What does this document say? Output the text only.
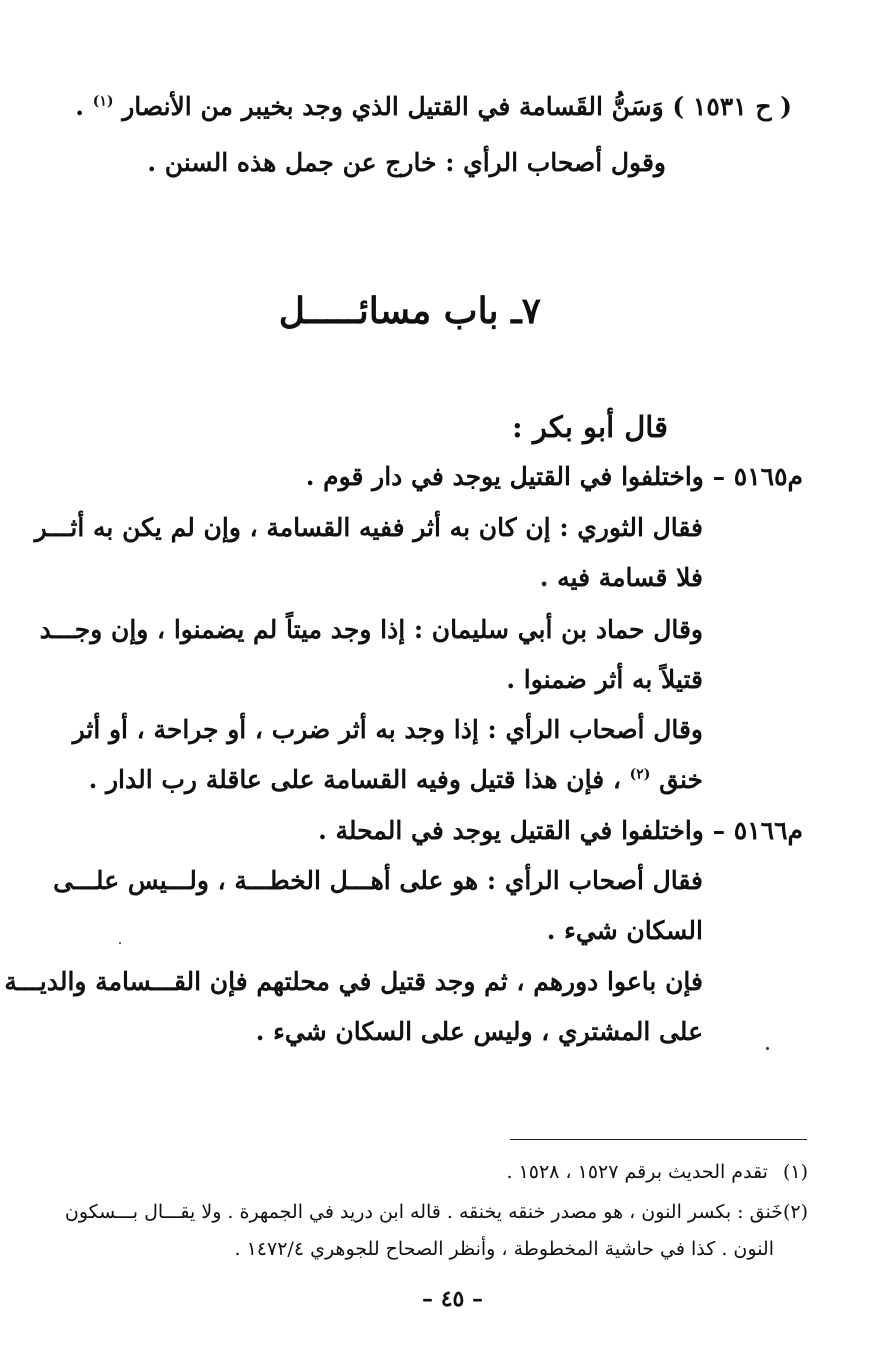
( ح ١٥٣١ ) وَسَنُّ القَسامة في القتيل الذي وجد بخيبر من الأنصار $^{(١)}$ .
وقول أصحاب الرأي : خارج عن جمل هذه السنن .
٧ـ باب مسائـــــل
قال أبو بكر :
م٥١٦٥ – واختلفوا في القتيل يوجد في دار قوم .
فقال الثوري : إن كان به أثر ففيه القسامة ، وإن لم يكن به أثـــر
فلا قسامة فيه .
وقال حماد بن أبي سليمان : إذا وجد ميتاً لم يضمنوا ، وإن وجـــد
قتيلاً به أثر ضمنوا .
وقال أصحاب الرأي : إذا وجد به أثر ضرب ، أو جراحة ، أو أثر
خنق $^{(٢)}$ ، فإن هذا قتيل وفيه القسامة على عاقلة رب الدار .
م٥١٦٦ – واختلفوا في القتيل يوجد في المحلة .
فقال أصحاب الرأي : هو على أهـــل الخطـــة ، ولـــيس علـــى
السكان شيء .
فإن باعوا دورهم ، ثم وجد قتيل في محلتهم فإن القـــسامة والديـــة
على المشتري ، وليس على السكان شيء .
(١) تقدم الحديث برقم ١٥٢٧ ، ١٥٢٨ .
(٢)
خَنق : بكسر النون ، هو مصدر خنقه يخنقه . قاله ابن دريد في الجمهرة . ولا يقـــال بـــسكون
النون . كذا في حاشية المخطوطة ، وأنظر الصحاح للجوهري ١٤٧٢/٤ .
– ٤٥ –
